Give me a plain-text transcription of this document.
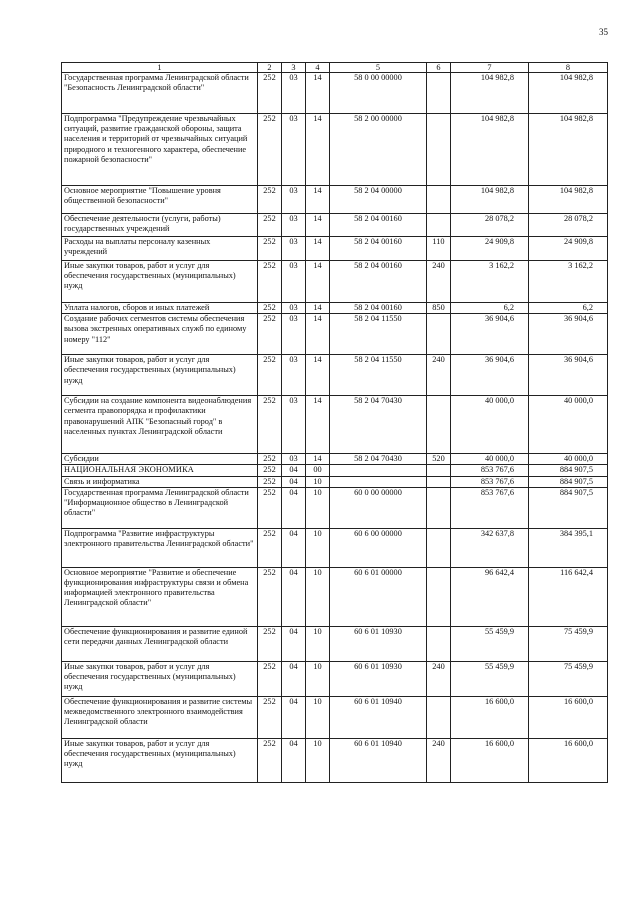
35
1	2	3	4	5	6	7	8
Государственная программа Ленинградской области "Безопасность Ленинградской области"	252	03	14	58 0 00 00000		104 982,8	104 982,8
Подпрограмма "Предупреждение чрезвычайных ситуаций, развитие гражданской обороны, защита населения и территорий от чрезвычайных ситуаций природного и техногенного характера, обеспечение пожарной безопасности"	252	03	14	58 2 00 00000		104 982,8	104 982,8
Основное мероприятие "Повышение уровня общественной безопасности"	252	03	14	58 2 04 00000		104 982,8	104 982,8
Обеспечение деятельности (услуги, работы) государственных учреждений	252	03	14	58 2 04 00160		28 078,2	28 078,2
Расходы на выплаты персоналу казенных учреждений	252	03	14	58 2 04 00160	110	24 909,8	24 909,8
Иные закупки товаров, работ и услуг для обеспечения государственных (муниципальных) нужд	252	03	14	58 2 04 00160	240	3 162,2	3 162,2
Уплата налогов, сборов и иных платежей	252	03	14	58 2 04 00160	850	6,2	6,2
Создание рабочих сегментов системы обеспечения вызова экстренных оперативных служб по единому номеру "112"	252	03	14	58 2 04 11550		36 904,6	36 904,6
Иные закупки товаров, работ и услуг для обеспечения государственных (муниципальных) нужд	252	03	14	58 2 04 11550	240	36 904,6	36 904,6
Субсидии на создание компонента видеонаблюдения сегмента правопорядка и профилактики правонарушений АПК "Безопасный город" в населенных пунктах Ленинградской области	252	03	14	58 2 04 70430		40 000,0	40 000,0
Субсидии	252	03	14	58 2 04 70430	520	40 000,0	40 000,0
НАЦИОНАЛЬНАЯ ЭКОНОМИКА	252	04	00			853 767,6	884 907,5
Связь и информатика	252	04	10			853 767,6	884 907,5
Государственная программа Ленинградской области "Информационное общество в Ленинградской области"	252	04	10	60 0 00 00000		853 767,6	884 907,5
Подпрограмма "Развитие инфраструктуры электронного правительства Ленинградской области"	252	04	10	60 6 00 00000		342 637,8	384 395,1
Основное мероприятие "Развитие и обеспечение функционирования инфраструктуры связи и обмена информацией электронного правительства Ленинградской области"	252	04	10	60 6 01 00000		96 642,4	116 642,4
Обеспечение функционирования и развитие единой сети передачи данных Ленинградской области	252	04	10	60 6 01 10930		55 459,9	75 459,9
Иные закупки товаров, работ и услуг для обеспечения государственных (муниципальных) нужд	252	04	10	60 6 01 10930	240	55 459,9	75 459,9
Обеспечение функционирования и развитие системы межведомственного электронного взаимодействия Ленинградской области	252	04	10	60 6 01 10940		16 600,0	16 600,0
Иные закупки товаров, работ и услуг для обеспечения государственных (муниципальных) нужд	252	04	10	60 6 01 10940	240	16 600,0	16 600,0
